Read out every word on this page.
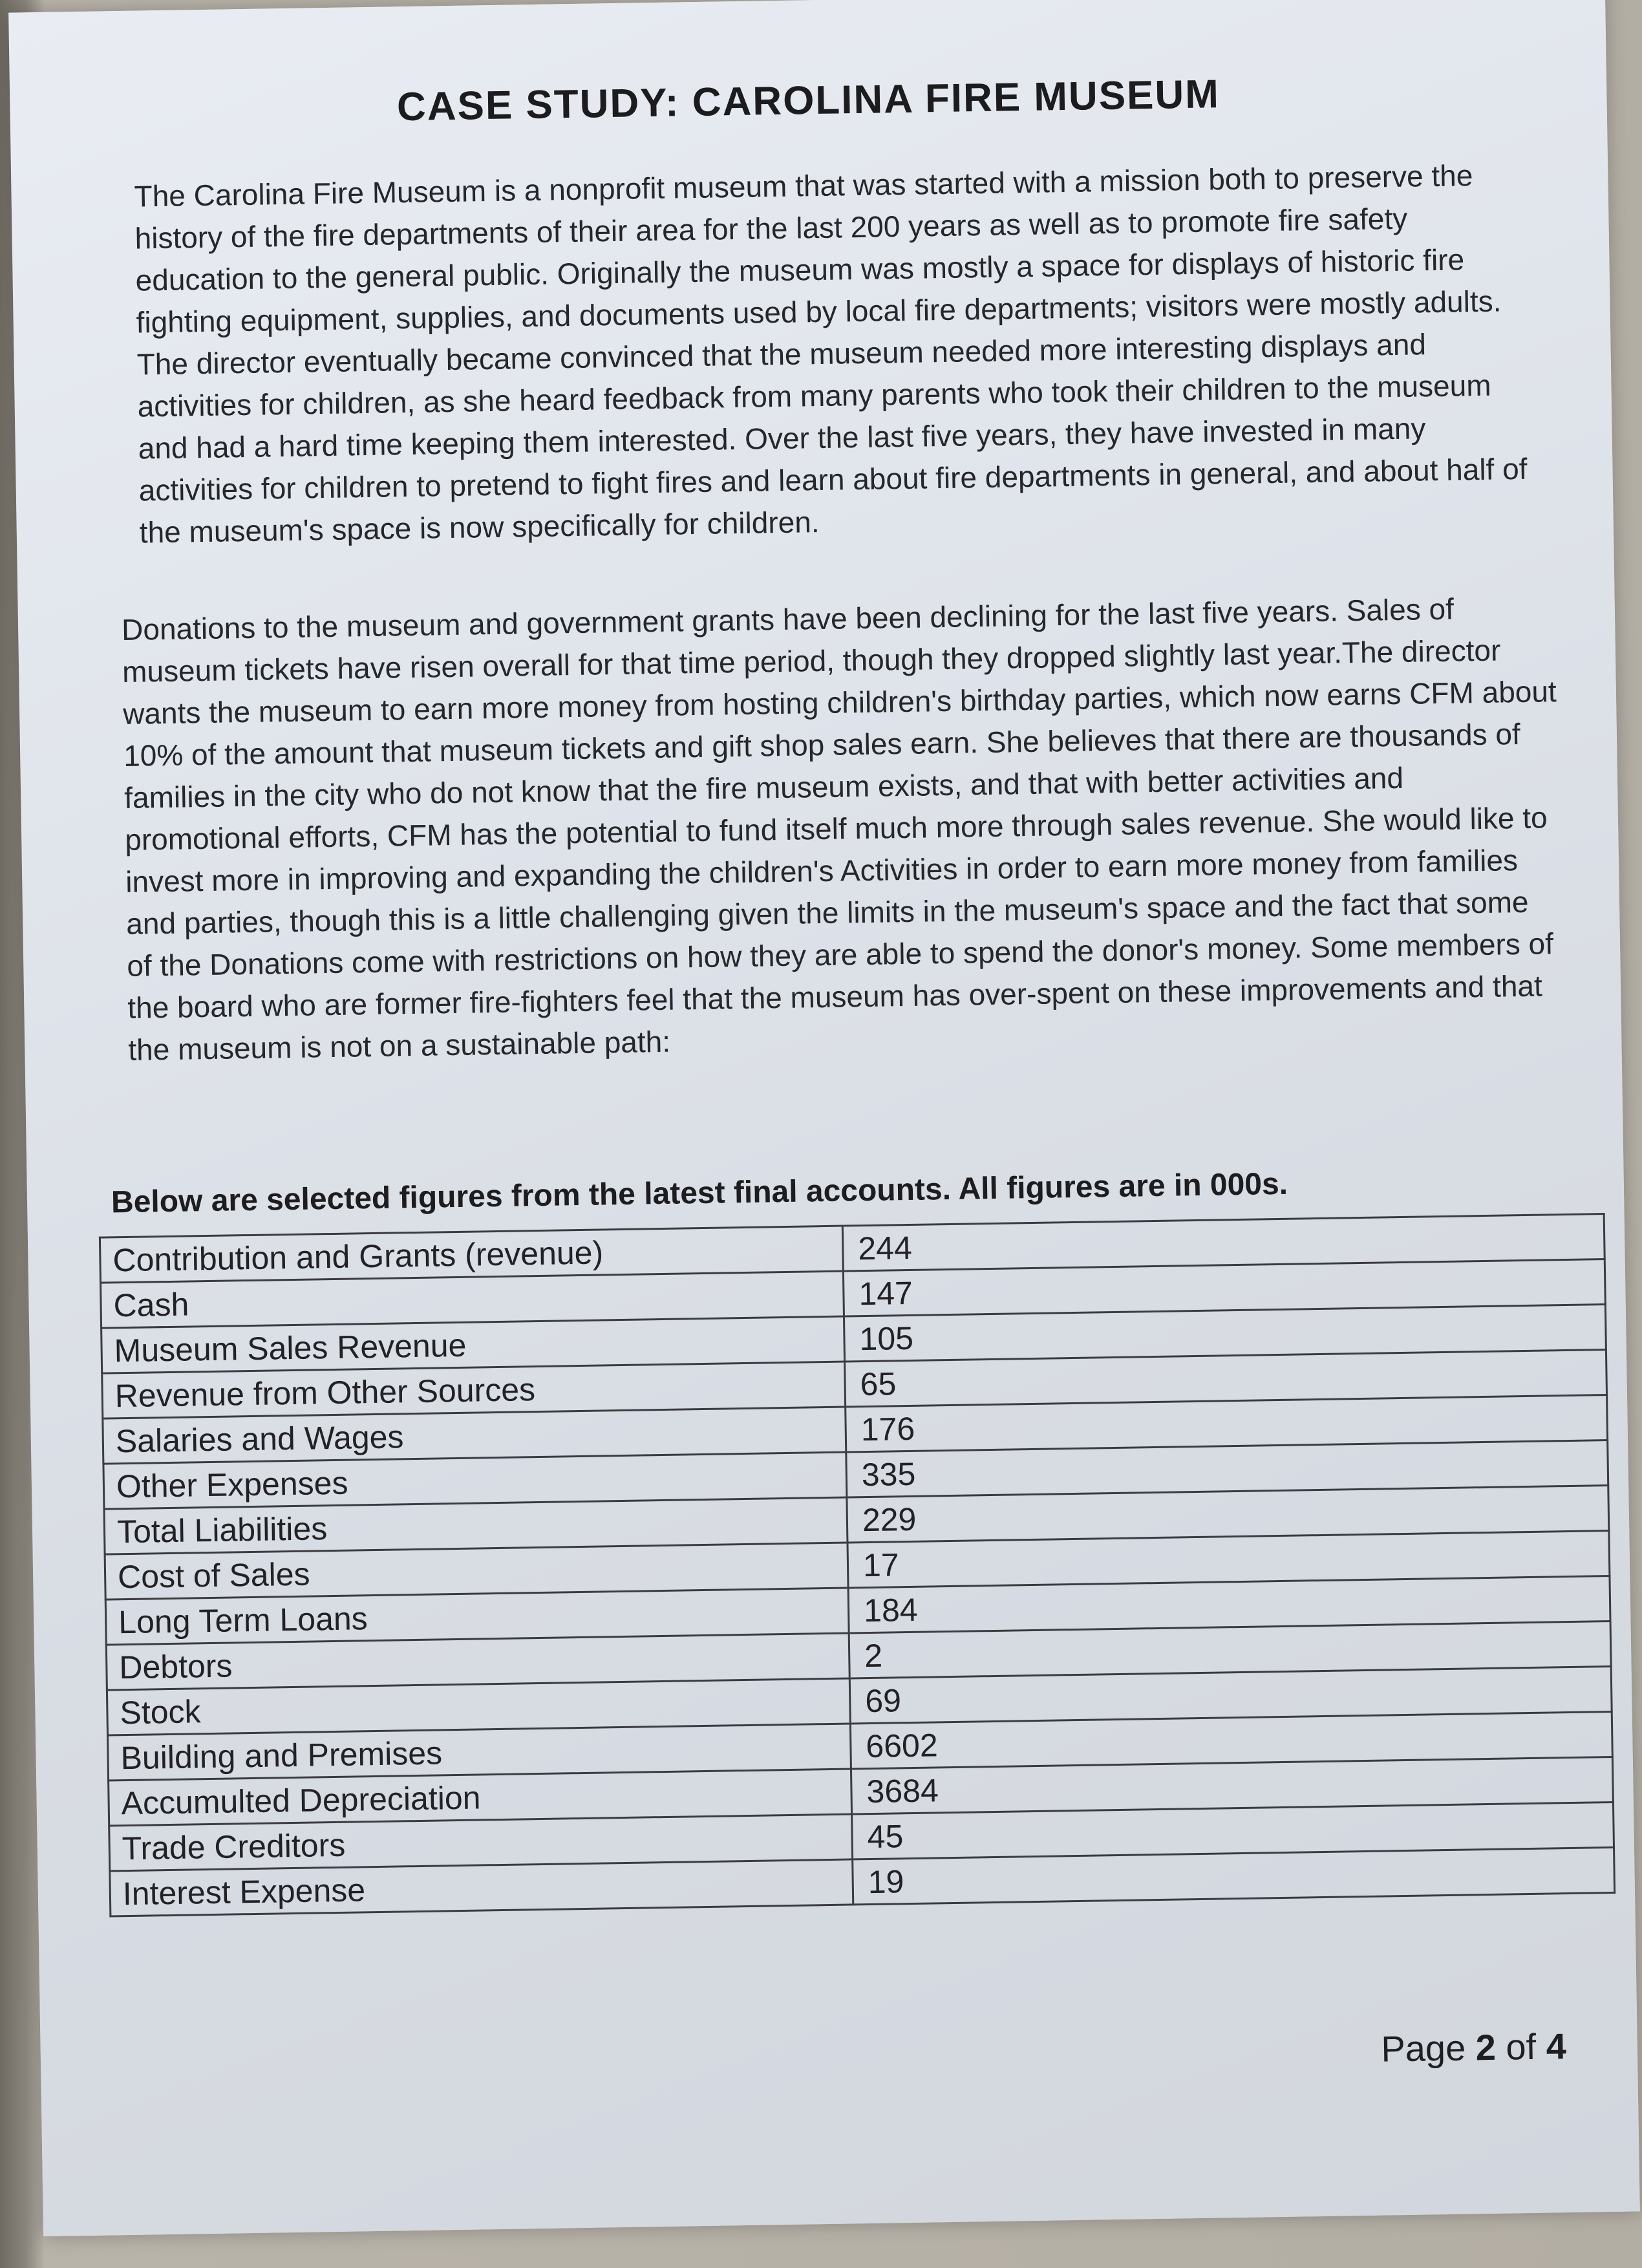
CASE STUDY: CAROLINA FIRE MUSEUM
The Carolina Fire Museum is a nonprofit museum that was started with a mission both to preserve the history of the fire departments of their area for the last 200 years as well as to promote fire safety education to the general public. Originally the museum was mostly a space for displays of historic fire fighting equipment, supplies, and documents used by local fire departments; visitors were mostly adults. The director eventually became convinced that the museum needed more interesting displays and activities for children, as she heard feedback from many parents who took their children to the museum and had a hard time keeping them interested. Over the last five years, they have invested in many activities for children to pretend to fight fires and learn about fire departments in general, and about half of the museum's space is now specifically for children.
Donations to the museum and government grants have been declining for the last five years. Sales of museum tickets have risen overall for that time period, though they dropped slightly last year.The director wants the museum to earn more money from hosting children's birthday parties, which now earns CFM about 10% of the amount that museum tickets and gift shop sales earn. She believes that there are thousands of families in the city who do not know that the fire museum exists, and that with better activities and promotional efforts, CFM has the potential to fund itself much more through sales revenue. She would like to invest more in improving and expanding the children's Activities in order to earn more money from families and parties, though this is a little challenging given the limits in the museum's space and the fact that some of the Donations come with restrictions on how they are able to spend the donor's money. Some members of the board who are former fire-fighters feel that the museum has over-spent on these improvements and that the museum is not on a sustainable path:
Below are selected figures from the latest final accounts. All figures are in 000s.
Contribution and Grants (revenue)	244
Cash	147
Museum Sales Revenue	105
Revenue from Other Sources	65
Salaries and Wages	176
Other Expenses	335
Total Liabilities	229
Cost of Sales	17
Long Term Loans	184
Debtors	2
Stock	69
Building and Premises	6602
Accumulted Depreciation	3684
Trade Creditors	45
Interest Expense	19
Page 2 of 4
